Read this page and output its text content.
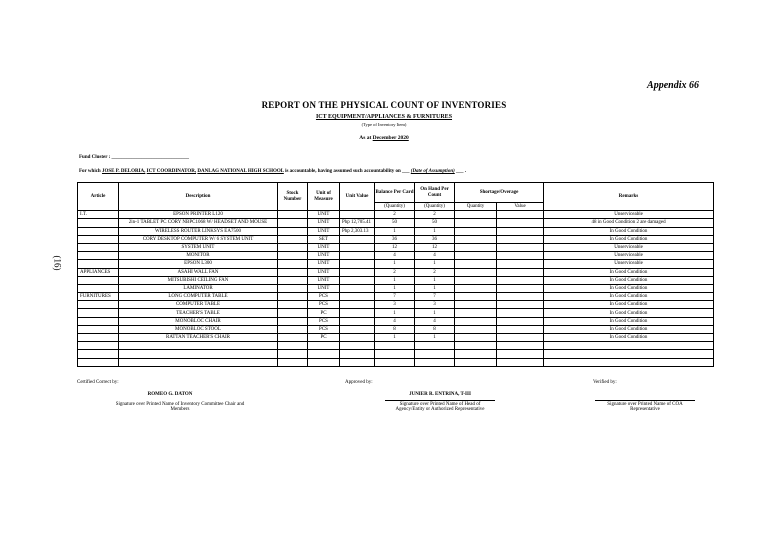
Appendix 66
REPORT ON THE PHYSICAL COUNT OF INVENTORIES
ICT EQUIPMENT/APPLIANCES & FURNITURES
(Type of Inventory Item)
As at December 2020
Fund Cluster : _______________________________
For which JOSE P. DELORIA, ICT COORDINATOR, DANLAG NATIONAL HIGH SCHOOL is accountable, having assumed such accountability on ___ (Date of Assumption) ___ .
(16)
Article	Description	Stock Number	Unit of Measure	Unit Value	Balance Per Card	On Hand Per Count	Shortage/Overage		Remarks
					(Quantity)	(Quantity)	Quantity	Value	
I.T.	EPSON PRINTER L120		UNIT		2	2			Unserviceable
	2in-1 TABLET PC CORY NBPC1068 W/ HEADSET AND MOUSE		UNIT	Php 12,705.41	50	50			48 in Good Condition 2 are damaged
	WIRELESS ROUTER LINKSYS EA7500		UNIT	Php 2,303.13	1	1			In Good Condition
	CORY DESKTOP COMPUTER W/ 6 SYSTEM UNIT		SET		36	36			In Good Condition
	SYSTEM UNIT		UNIT		12	12			Unserviceable
	MONITOR		UNIT		4	4			Unserviceable
	EPSON L300		UNIT		1	1			Unserviceable
APPLIANCES	ASAHI WALL FAN		UNIT		2	2			In Good Condition
	MITSUBISHI CEILING FAN		UNIT		1	1			In Good Condition
	LAMINATOR		UNIT		1	1			In Good Condition
FURNITURES	LONG COMPUTER TABLE		PCS		7	7			In Good Condition
	COMPUTER TABLE		PCS		3	3			In Good Condition
	TEACHER'S TABLE		PC		1	1			In Good Condition
	MONOBLOC CHAIR		PCS		4	4			In Good Condition
	MONOBLOC STOOL		PCS		8	8			In Good Condition
	RATTAN TEACHER'S CHAIR		PC		1	1			In Good Condition

Certified Correct by:
ROMEO G. DATON
Signature over Printed Name of Inventory Committee Chair and Members
Approved by:
JUNIER R. ENTRINA, T-III
Signature over Printed Name of Head of Agency/Entity or Authorized Representative
Verified by:
Signature over Printed Name of COA Representative
